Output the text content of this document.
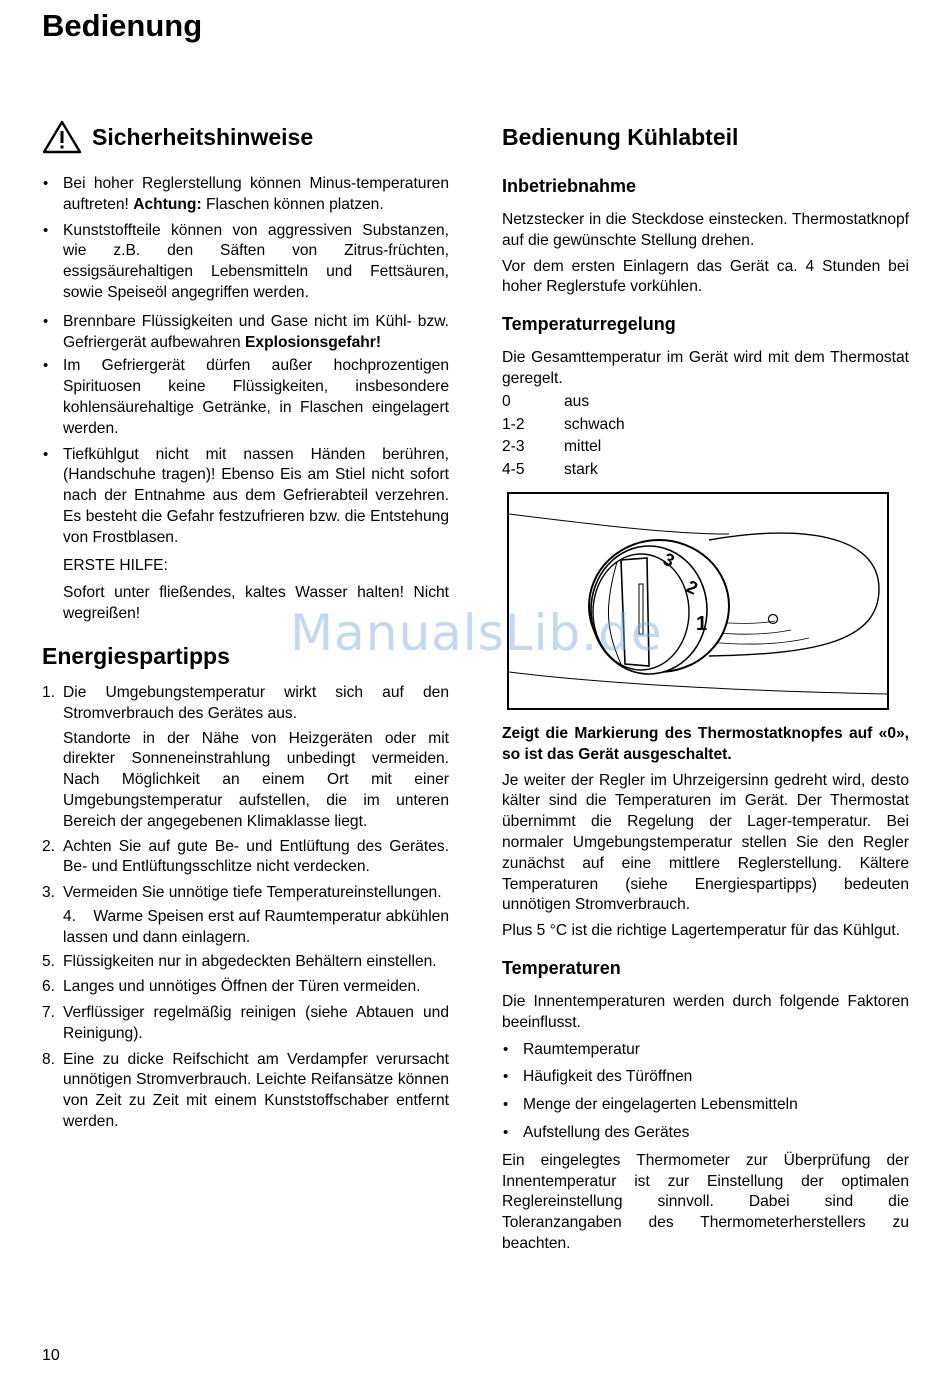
Bedienung
Sicherheitshinweise
• Bei hoher Reglerstellung können Minus-temperaturen auftreten! Achtung: Flaschen können platzen.
• Kunststoffteile können von aggressiven Substanzen, wie z.B. den Säften von Zitrus-früchten, essigsäurehaltigen Lebensmitteln und Fettsäuren, sowie Speiseöl angegriffen werden.
• Brennbare Flüssigkeiten und Gase nicht im Kühl- bzw. Gefriergerät aufbewahren Explosionsgefahr!
• Im Gefriergerät dürfen außer hochprozentigen Spirituosen keine Flüssigkeiten, insbesondere kohlensäurehaltige Getränke, in Flaschen eingelagert werden.
• Tiefkühlgut nicht mit nassen Händen berühren, (Handschuhe tragen)! Ebenso Eis am Stiel nicht sofort nach der Entnahme aus dem Gefrierabteil verzehren. Es besteht die Gefahr festzufrieren bzw. die Entstehung von Frostblasen.

ERSTE HILFE:

Sofort unter fließendes, kaltes Wasser halten! Nicht wegreißen!

Energiespartipps
1. Die Umgebungstemperatur wirkt sich auf den Stromverbrauch des Gerätes aus.
Standorte in der Nähe von Heizgeräten oder mit direkter Sonneneinstrahlung unbedingt vermeiden. Nach Möglichkeit an einem Ort mit einer Umgebungstemperatur aufstellen, die im unteren Bereich der angegebenen Klimaklasse liegt.
2. Achten Sie auf gute Be- und Entlüftung des Gerätes. Be- und Entlüftungsschlitze nicht verdecken.
3. Vermeiden Sie unnötige tiefe Temperatureinstellungen.
4.    Warme Speisen erst auf Raumtemperatur abkühlen lassen und dann einlagern.
5. Flüssigkeiten nur in abgedeckten Behältern einstellen.
6. Langes und unnötiges Öffnen der Türen vermeiden.
7. Verflüssiger regelmäßig reinigen (siehe Abtauen und Reinigung).
8. Eine zu dicke Reifschicht am Verdampfer verursacht unnötigen Stromverbrauch. Leichte Reifansätze können von Zeit zu Zeit mit einem Kunststoffschaber entfernt werden.
Bedienung Kühlabteil
Inbetriebnahme

Netzstecker in die Steckdose einstecken. Thermostatknopf auf die gewünschte Stellung drehen.

Vor dem ersten Einlagern das Gerät ca. 4 Stunden bei hoher Reglerstufe vorkühlen.

Temperaturregelung

Die Gesamttemperatur im Gerät wird mit dem Thermostat geregelt.

0	aus
1-2	schwach
2-3	mittel
4-5	stark
3
2
1

Zeigt die Markierung des Thermostatknopfes auf «0», so ist das Gerät ausgeschaltet.

Je weiter der Regler im Uhrzeigersinn gedreht wird, desto kälter sind die Temperaturen im Gerät. Der Thermostat übernimmt die Regelung der Lager-temperatur. Bei normaler Umgebungstemperatur stellen Sie den Regler zunächst auf eine mittlere Reglerstellung. Kältere Temperaturen (siehe Energiespartipps) bedeuten unnötigen Stromverbrauch.

Plus 5 °C ist die richtige Lagertemperatur für das Kühlgut.

Temperaturen

Die Innentemperaturen werden durch folgende Faktoren beeinflusst.

• Raumtemperatur
• Häufigkeit des Türöffnen
• Menge der eingelagerten Lebensmitteln
• Aufstellung des Gerätes

Ein eingelegtes Thermometer zur Überprüfung der Innentemperatur ist zur Einstellung der optimalen Reglereinstellung sinnvoll. Dabei sind die Toleranzangaben des Thermometerherstellers zu beachten.

ManualsLib.de
10
